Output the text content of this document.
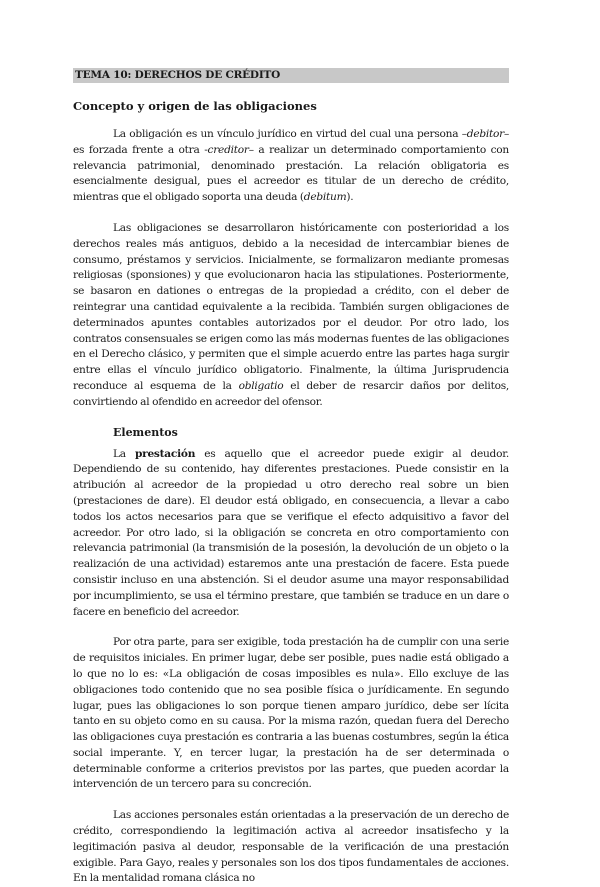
TEMA 10: DERECHOS DE CRÉDITO
Concepto y origen de las obligaciones

La obligación es un vínculo jurídico en virtud del cual una persona –debitor– es forzada frente a otra -creditor– a realizar un determinado comportamiento con relevancia patrimonial, denominado prestación. La relación obligatoria es esencialmente desigual, pues el acreedor es titular de un derecho de crédito, mientras que el obligado soporta una deuda (debitum).

Las obligaciones se desarrollaron históricamente con posterioridad a los derechos reales más antiguos, debido a la necesidad de intercambiar bienes de consumo, préstamos y servicios. Inicialmente, se formalizaron mediante promesas religiosas (sponsiones) y que evolucionaron hacia las stipulationes. Posteriormente, se basaron en dationes o entregas de la propiedad a crédito, con el deber de reintegrar una cantidad equivalente a la recibida. También surgen obligaciones de determinados apuntes contables autorizados por el deudor. Por otro lado, los contratos consensuales se erigen como las más modernas fuentes de las obligaciones en el Derecho clásico, y permiten que el simple acuerdo entre las partes haga surgir entre ellas el vínculo jurídico obligatorio. Finalmente, la última Jurisprudencia reconduce al esquema de la obligatio el deber de resarcir daños por delitos, convirtiendo al ofendido en acreedor del ofensor.

Elementos

La prestación es aquello que el acreedor puede exigir al deudor. Dependiendo de su contenido, hay diferentes prestaciones. Puede consistir en la atribución al acreedor de la propiedad u otro derecho real sobre un bien (prestaciones de dare). El deudor está obligado, en consecuencia, a llevar a cabo todos los actos necesarios para que se verifique el efecto adquisitivo a favor del acreedor. Por otro lado, si la obligación se concreta en otro comportamiento con relevancia patrimonial (la transmisión de la posesión, la devolución de un objeto o la realización de una actividad) estaremos ante una prestación de facere. Esta puede consistir incluso en una abstención. Si el deudor asume una mayor responsabilidad por incumplimiento, se usa el término prestare, que también se traduce en un dare o facere en beneficio del acreedor.

Por otra parte, para ser exigible, toda prestación ha de cumplir con una serie de requisitos iniciales. En primer lugar, debe ser posible, pues nadie está obligado a lo que no lo es: «La obligación de cosas imposibles es nula». Ello excluye de las obligaciones todo contenido que no sea posible física o jurídicamente. En segundo lugar, pues las obligaciones lo son porque tienen amparo jurídico, debe ser lícita tanto en su objeto como en su causa. Por la misma razón, quedan fuera del Derecho las obligaciones cuya prestación es contraria a las buenas costumbres, según la ética social imperante. Y, en tercer lugar, la prestación ha de ser determinada o determinable conforme a criterios previstos por las partes, que pueden acordar la intervención de un tercero para su concreción.

Las acciones personales están orientadas a la preservación de un derecho de crédito, correspondiendo la legitimación activa al acreedor insatisfecho y la legitimación pasiva al deudor, responsable de la verificación de una prestación exigible. Para Gayo, reales y personales son los dos tipos fundamentales de acciones. En la mentalidad romana clásica no
